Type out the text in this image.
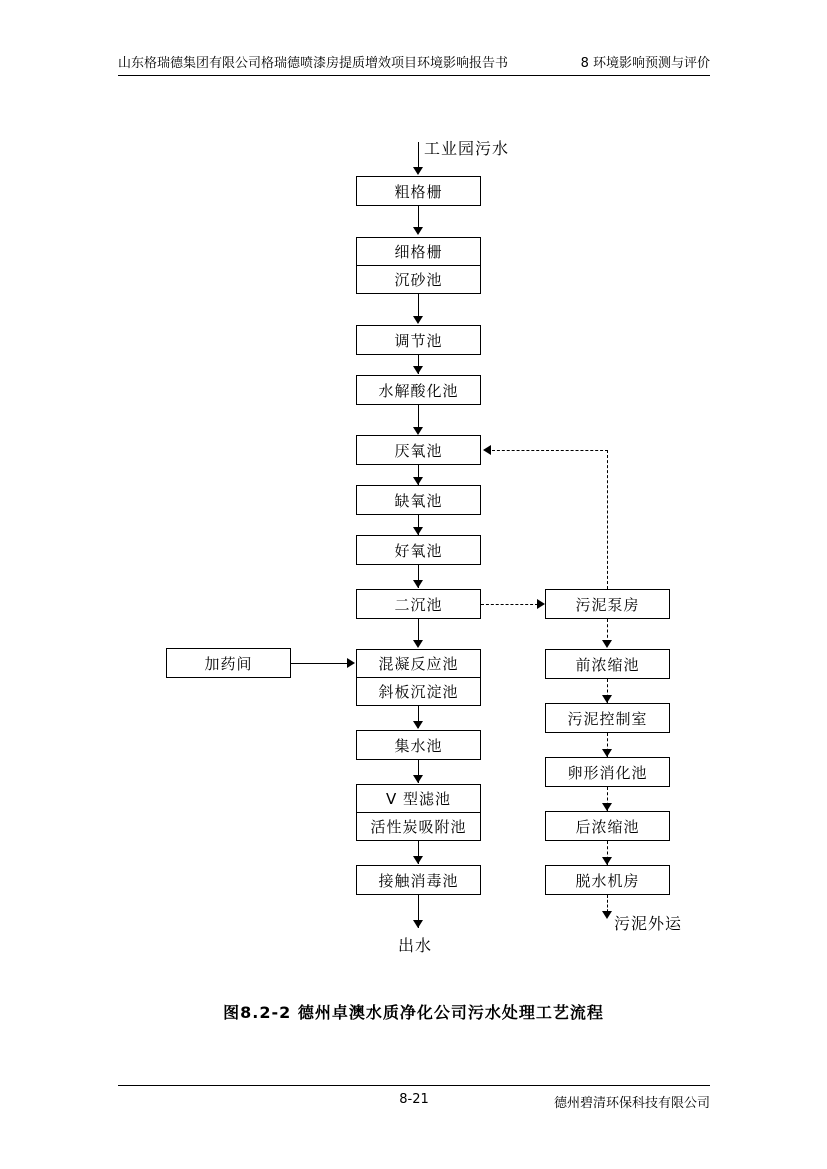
山东格瑞德集团有限公司格瑞德喷漆房提质增效项目环境影响报告书	8 环境影响预测与评价
工业园污水
粗格栅
细格栅
沉砂池
调节池
水解酸化池
厌氧池
缺氧池
好氧池
二沉池
加药间	混凝反应池
斜板沉淀池
集水池
V 型滤池
活性炭吸附池
接触消毒池
出水
污泥泵房
前浓缩池
污泥控制室
卵形消化池
后浓缩池
脱水机房
污泥外运
图8.2-2 德州卓澳水质净化公司污水处理工艺流程
8-21	德州碧清环保科技有限公司
